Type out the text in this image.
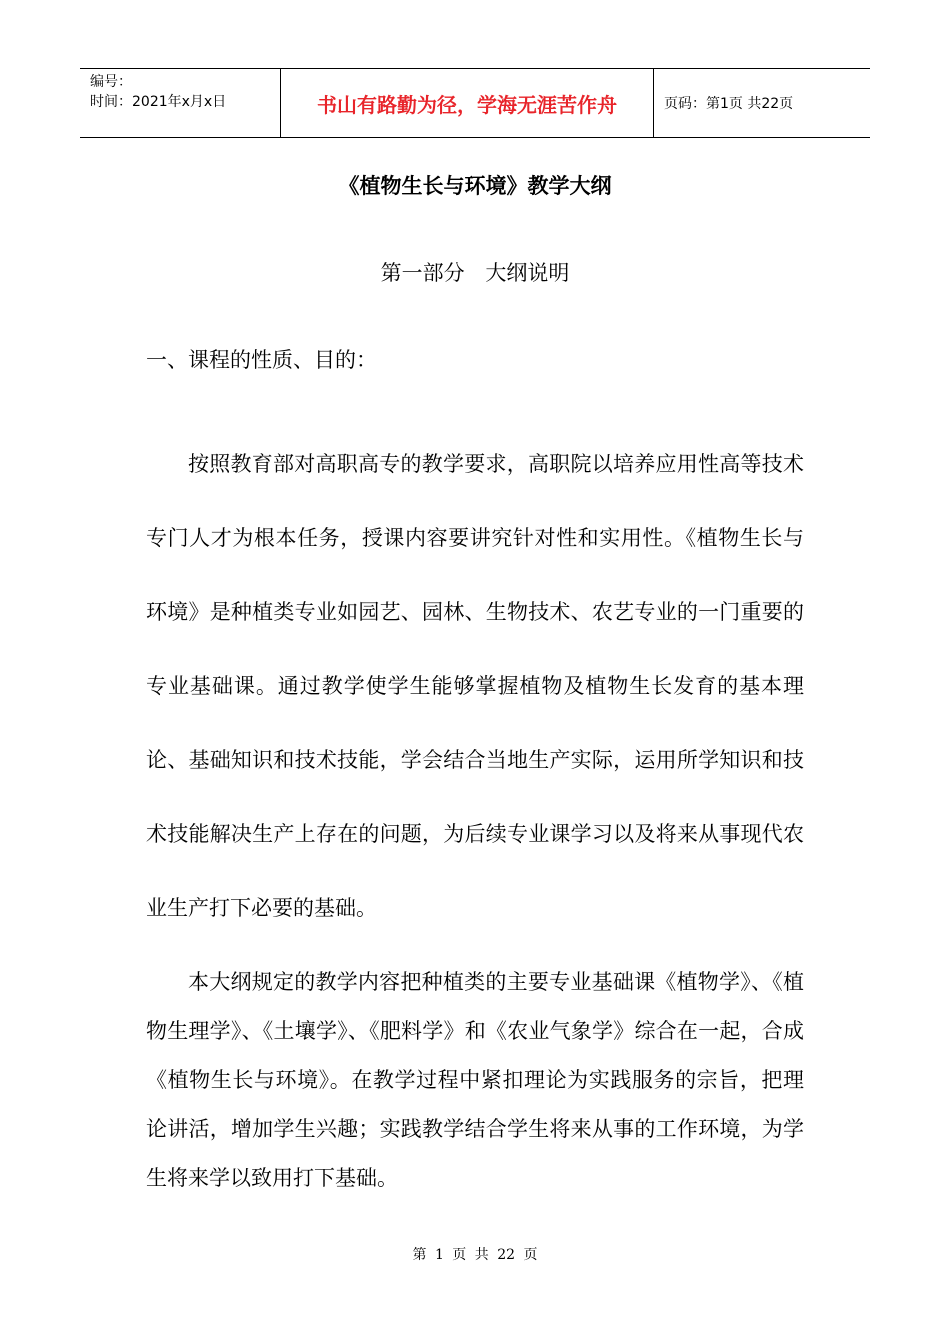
编号：
时间：2021年x月x日	书山有路勤为径，学海无涯苦作舟	页码：第1页 共22页
《植物生长与环境》教学大纲
第一部分 大纲说明
一、课程的性质、目的：
按照教育部对高职高专的教学要求，高职院以培养应用性高等技术专门人才为根本任务，授课内容要讲究针对性和实用性。《植物生长与环境》是种植类专业如园艺、园林、生物技术、农艺专业的一门重要的专业基础课。通过教学使学生能够掌握植物及植物生长发育的基本理论、基础知识和技术技能，学会结合当地生产实际，运用所学知识和技术技能解决生产上存在的问题，为后续专业课学习以及将来从事现代农业生产打下必要的基础。
本大纲规定的教学内容把种植类的主要专业基础课《植物学》、《植物生理学》、《土壤学》、《肥料学》和《农业气象学》综合在一起，合成《植物生长与环境》。在教学过程中紧扣理论为实践服务的宗旨，把理论讲活，增加学生兴趣；实践教学结合学生将来从事的工作环境，为学生将来学以致用打下基础。
第 1 页 共 22 页
